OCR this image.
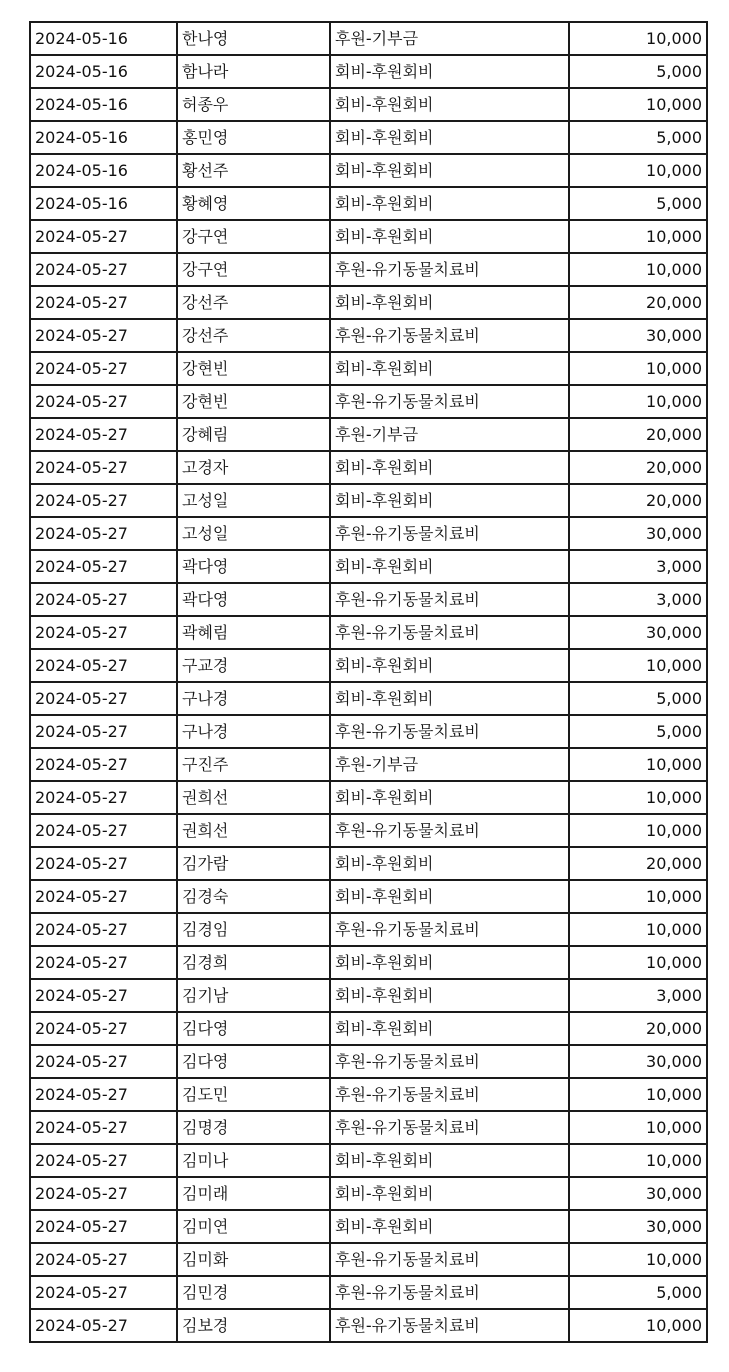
2024-05-16	한나영	후원-기부금	10,000
2024-05-16	함나라	회비-후원회비	5,000
2024-05-16	허종우	회비-후원회비	10,000
2024-05-16	홍민영	회비-후원회비	5,000
2024-05-16	황선주	회비-후원회비	10,000
2024-05-16	황혜영	회비-후원회비	5,000
2024-05-27	강구연	회비-후원회비	10,000
2024-05-27	강구연	후원-유기동물치료비	10,000
2024-05-27	강선주	회비-후원회비	20,000
2024-05-27	강선주	후원-유기동물치료비	30,000
2024-05-27	강현빈	회비-후원회비	10,000
2024-05-27	강현빈	후원-유기동물치료비	10,000
2024-05-27	강혜림	후원-기부금	20,000
2024-05-27	고경자	회비-후원회비	20,000
2024-05-27	고성일	회비-후원회비	20,000
2024-05-27	고성일	후원-유기동물치료비	30,000
2024-05-27	곽다영	회비-후원회비	3,000
2024-05-27	곽다영	후원-유기동물치료비	3,000
2024-05-27	곽혜림	후원-유기동물치료비	30,000
2024-05-27	구교경	회비-후원회비	10,000
2024-05-27	구나경	회비-후원회비	5,000
2024-05-27	구나경	후원-유기동물치료비	5,000
2024-05-27	구진주	후원-기부금	10,000
2024-05-27	권희선	회비-후원회비	10,000
2024-05-27	권희선	후원-유기동물치료비	10,000
2024-05-27	김가람	회비-후원회비	20,000
2024-05-27	김경숙	회비-후원회비	10,000
2024-05-27	김경임	후원-유기동물치료비	10,000
2024-05-27	김경희	회비-후원회비	10,000
2024-05-27	김기남	회비-후원회비	3,000
2024-05-27	김다영	회비-후원회비	20,000
2024-05-27	김다영	후원-유기동물치료비	30,000
2024-05-27	김도민	후원-유기동물치료비	10,000
2024-05-27	김명경	후원-유기동물치료비	10,000
2024-05-27	김미나	회비-후원회비	10,000
2024-05-27	김미래	회비-후원회비	30,000
2024-05-27	김미연	회비-후원회비	30,000
2024-05-27	김미화	후원-유기동물치료비	10,000
2024-05-27	김민경	후원-유기동물치료비	5,000
2024-05-27	김보경	후원-유기동물치료비	10,000
